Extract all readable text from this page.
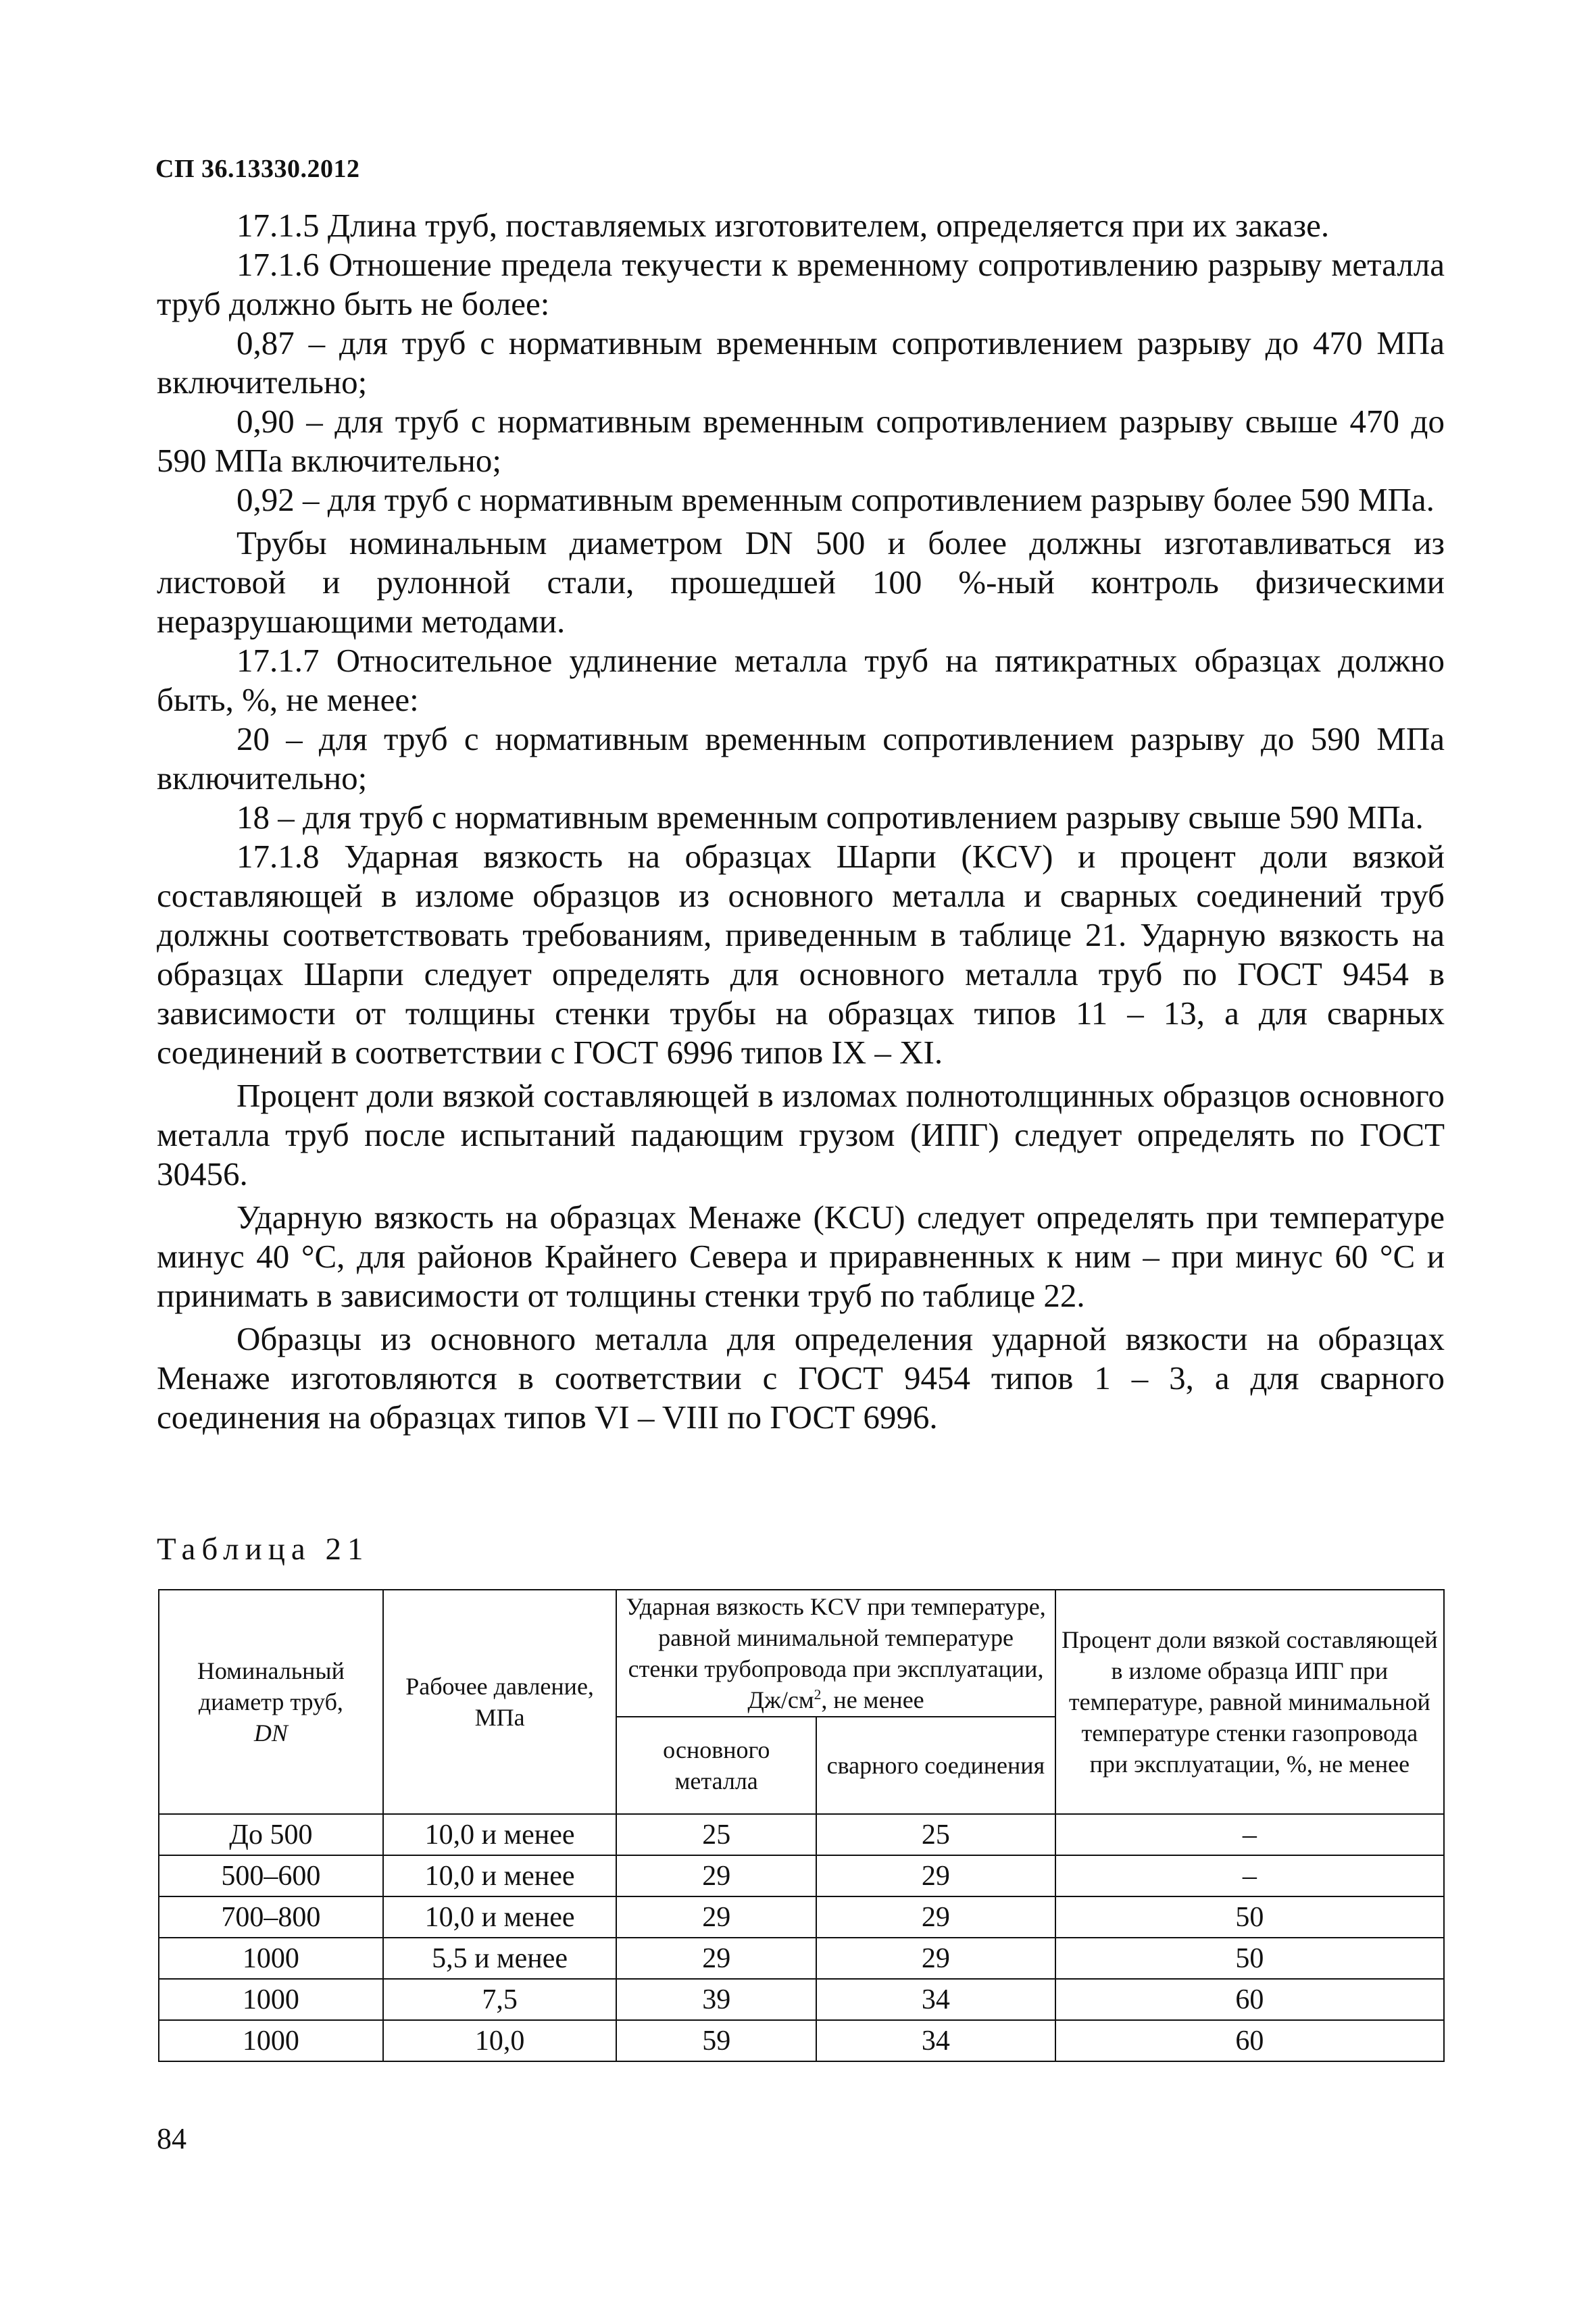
СП 36.13330.2012

17.1.5 Длина труб, поставляемых изготовителем, определяется при их заказе.

17.1.6 Отношение предела текучести к временному сопротивлению разрыву металла труб должно быть не более:

0,87 – для труб с нормативным временным сопротивлением разрыву до 470 МПа включительно;

0,90 – для труб с нормативным временным сопротивлением разрыву свыше 470 до 590 МПа включительно;

0,92 – для труб с нормативным временным сопротивлением разрыву более 590 МПа.

Трубы номинальным диаметром DN 500 и более должны изготавливаться из листовой и рулонной стали, прошедшей 100 %-ный контроль физическими неразрушающими методами.

17.1.7 Относительное удлинение металла труб на пятикратных образцах должно быть, %, не менее:

20 – для труб с нормативным временным сопротивлением разрыву до 590 МПа включительно;

18 – для труб с нормативным временным сопротивлением разрыву свыше 590 МПа.

17.1.8 Ударная вязкость на образцах Шарпи (KCV) и процент доли вязкой составляющей в изломе образцов из основного металла и сварных соединений труб должны соответствовать требованиям, приведенным в таблице 21. Ударную вязкость на образцах Шарпи следует определять для основного металла труб по ГОСТ 9454 в зависимости от толщины стенки трубы на образцах типов 11 – 13, а для сварных соединений в соответствии с ГОСТ 6996 типов IX – XI.

Процент доли вязкой составляющей в изломах полнотолщинных образцов основного металла труб после испытаний падающим грузом (ИПГ) следует определять по ГОСТ 30456.

Ударную вязкость на образцах Менаже (KCU) следует определять при температуре минус 40 °С, для районов Крайнего Севера и приравненных к ним – при минус 60 °С и принимать в зависимости от толщины стенки труб по таблице 22.

Образцы из основного металла для определения ударной вязкости на образцах Менаже изготовляются в соответствии с ГОСТ 9454 типов 1 – 3, а для сварного соединения на образцах типов VI – VIII по ГОСТ 6996.

Таблица 21
Номинальный диаметр труб,
DN	Рабочее давление, МПа	Ударная вязкость KCV при температуре, равной минимальной температуре стенки трубопровода при эксплуатации, $Дж/см^2$, не менее		Процент доли вязкой составляющей в изломе образца ИПГ при температуре, равной минимальной температуре стенки газопровода при эксплуатации, %, не менее
		основного металла	сварного соединения	
До 500	10,0 и менее	25	25	–
500–600	10,0 и менее	29	29	–
700–800	10,0 и менее	29	29	50
1000	5,5 и менее	29	29	50
1000	7,5	39	34	60
1000	10,0	59	34	60
84
